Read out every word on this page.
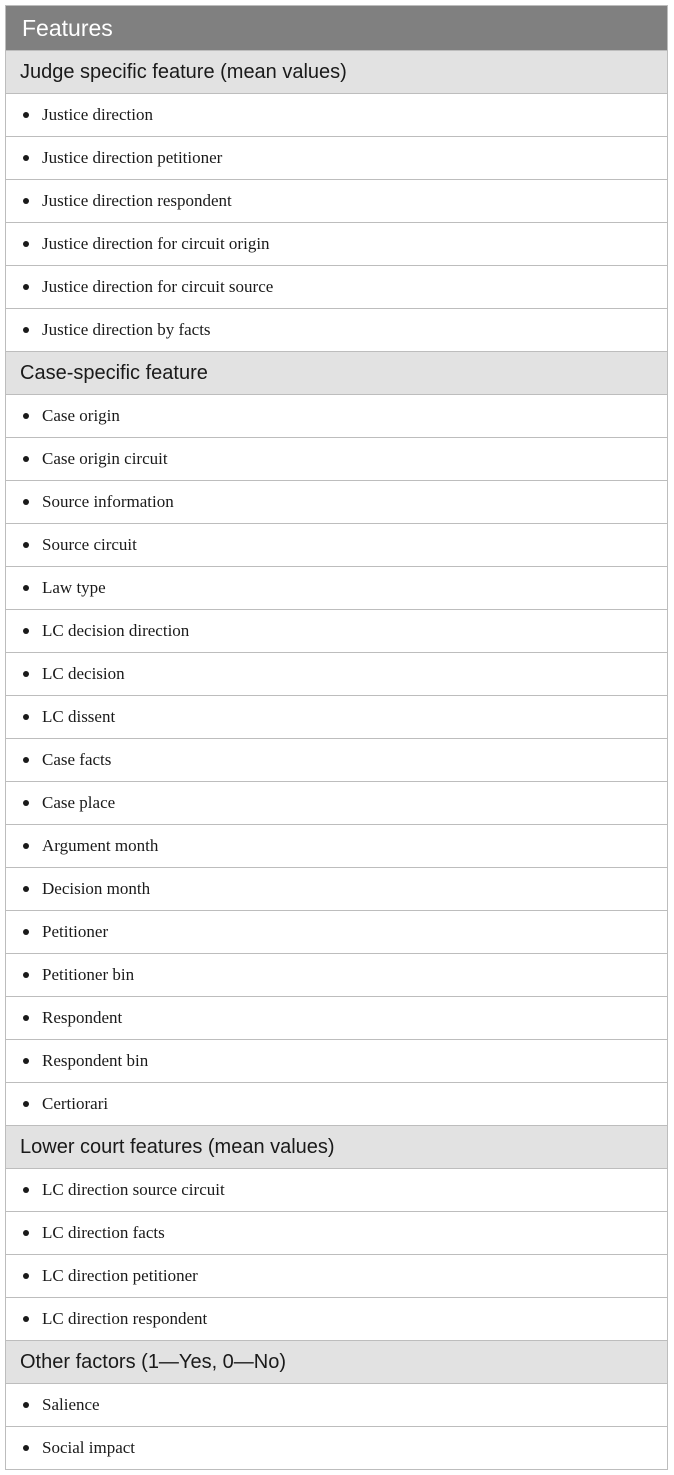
Features
Judge specific feature (mean values)
Justice direction
Justice direction petitioner
Justice direction respondent
Justice direction for circuit origin
Justice direction for circuit source
Justice direction by facts
Case-specific feature
Case origin
Case origin circuit
Source information
Source circuit
Law type
LC decision direction
LC decision
LC dissent
Case facts
Case place
Argument month
Decision month
Petitioner
Petitioner bin
Respondent
Respondent bin
Certiorari
Lower court features (mean values)
LC direction source circuit
LC direction facts
LC direction petitioner
LC direction respondent
Other factors (1—Yes, 0—No)
Salience
Social impact
